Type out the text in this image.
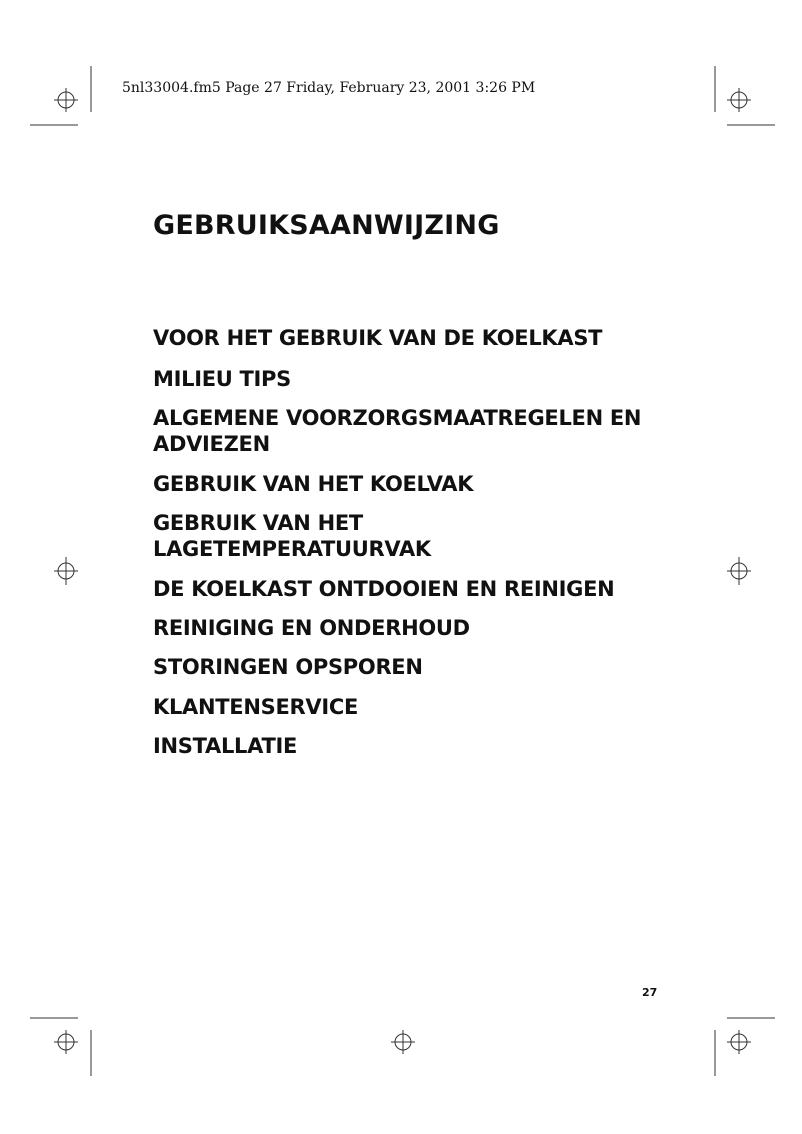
5nl33004.fm5 Page 27 Friday, February 23, 2001 3:26 PM
GEBRUIKSAANWIJZING
VOOR HET GEBRUIK VAN DE KOELKAST
MILIEU TIPS
ALGEMENE VOORZORGSMAATREGELEN EN
ADVIEZEN
GEBRUIK VAN HET KOELVAK
GEBRUIK VAN HET
LAGETEMPERATUURVAK
DE KOELKAST ONTDOOIEN EN REINIGEN
REINIGING EN ONDERHOUD
STORINGEN OPSPOREN
KLANTENSERVICE
INSTALLATIE
27
